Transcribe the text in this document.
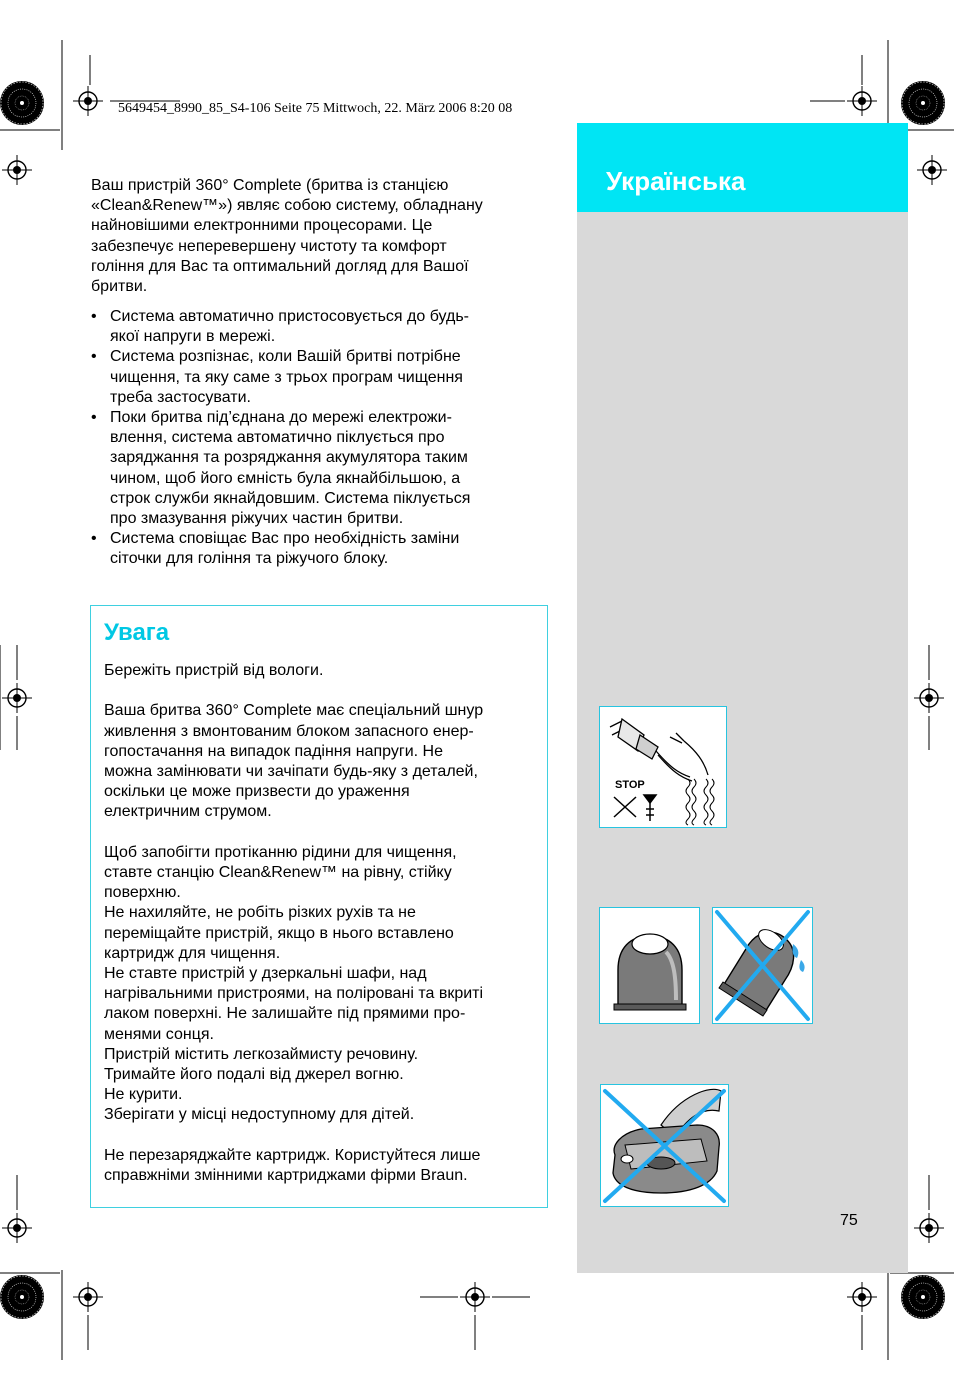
5649454_8990_85_S4-106 Seite 75 Mittwoch, 22. März 2006 8:20 08
Українська

Ваш пристрій 360° Complete (бритва із станцією

«Clean&Renew™») являє собою систему, обладнану

найновішими електронними процесорами. Це

забезпечує неперевершену чистоту та комфорт

гоління для Вас та оптимальний догляд для Вашої

бритви.

• Система автоматично пристосовується до будь-
якої напруги в мережі.
• Система розпізнає, коли Вашій бритві потрібне
чищення, та яку саме з трьох програм чищення
треба застосувати.
• Поки бритва під’єднана до мережі електрожи-
влення, система автоматично піклується про
заряджання та розряджання акумулятора таким
чином, щоб його ємність була якнайбільшою, а
строк служби якнайдовшим. Система піклується
про змазування ріжучих частин бритви.
• Система сповіщає Вас про необхідність заміни
сіточки для гоління та ріжучого блоку.
Увага

Бережіть пристрій від вологи.

Ваша бритва 360° Complete має спеціальний шнур

живлення з вмонтованим блоком запасного енер-

гопостачання на випадок падіння напруги. Не

можна замінювати чи зачіпати будь-яку з деталей,

оскільки це може призвести до ураження

електричним струмом.

Щоб запобігти протіканню рідини для чищення,

ставте станцію Clean&Renew™ на рівну, стійку

поверхню.

Не нахиляйте, не робіть різких рухів та не

переміщайте пристрій, якщо в нього вставлено

картридж для чищення.

Не ставте пристрій у дзеркальні шафи, над

нагрівальними пристроями, на поліровані та вкриті

лаком поверхні. Не залишайте під прямими про-

менями сонця.

Пристрій містить легкозаймисту речовину.

Тримайте його подалі від джерел вогню.

Не курити.

Зберігати у місці недоступному для дітей.

Не перезаряджайте картридж. Користуйтеся лише

справжніми змінними картриджами фірми Braun.

STOP
75
